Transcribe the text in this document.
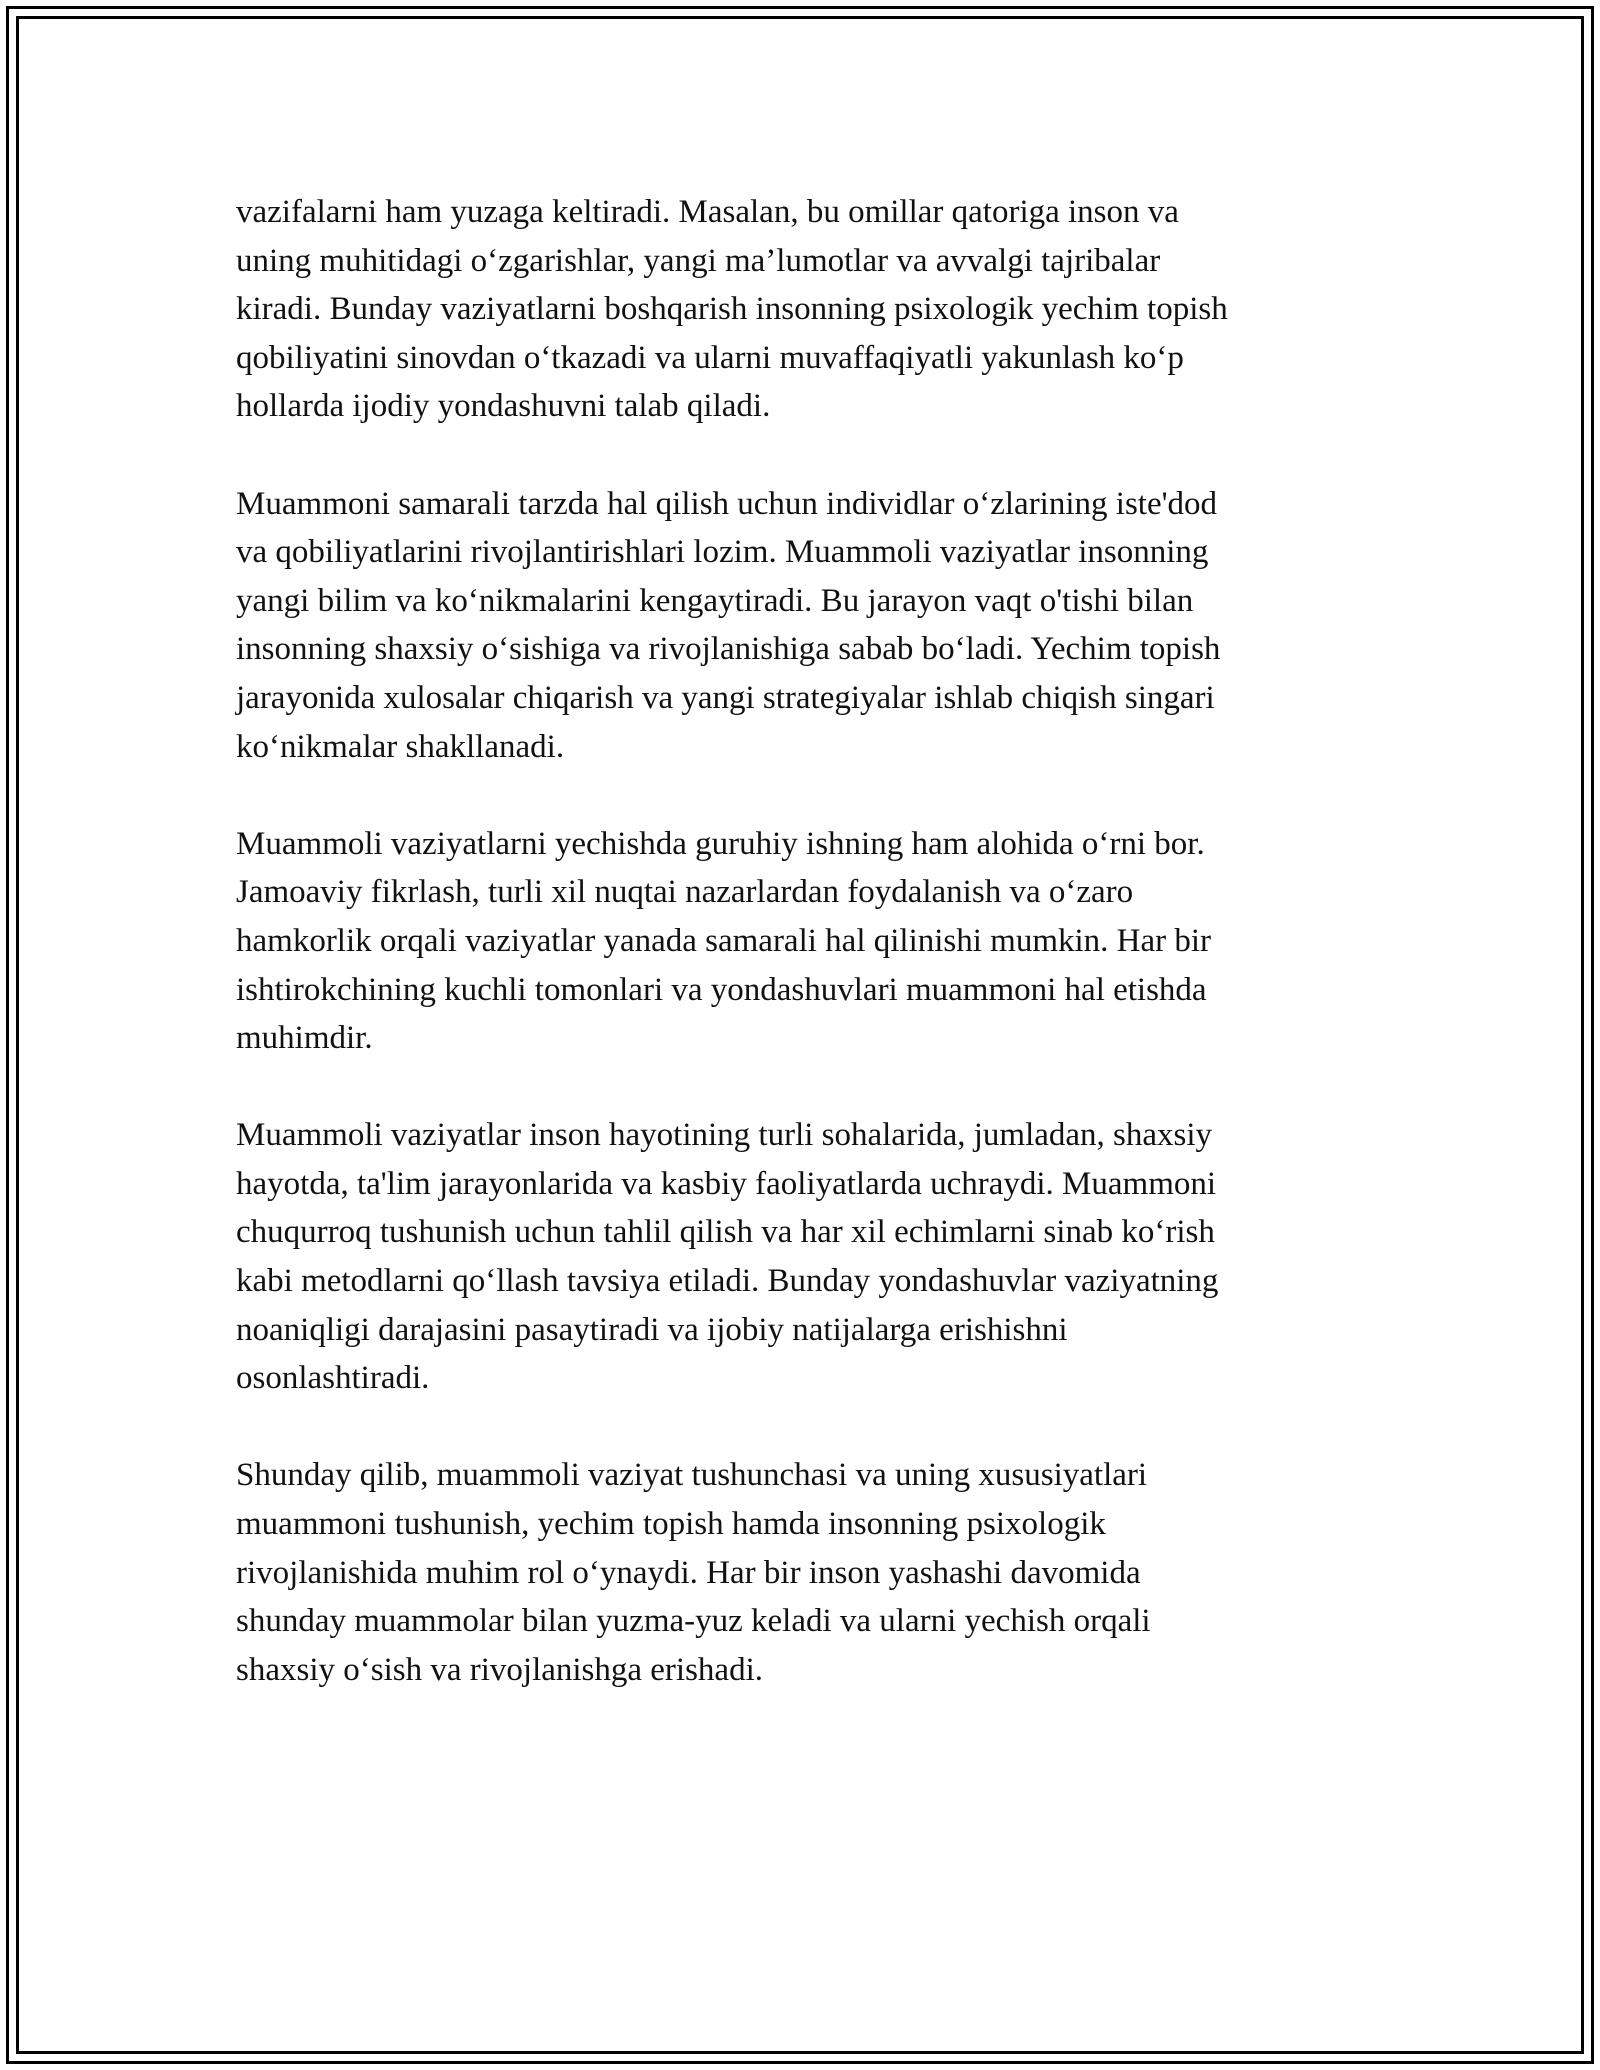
vazifalarni ham yuzaga keltiradi. Masalan, bu omillar qatoriga inson va
uning muhitidagi o‘zgarishlar, yangi ma’lumotlar va avvalgi tajribalar
kiradi. Bunday vaziyatlarni boshqarish insonning psixologik yechim topish
qobiliyatini sinovdan o‘tkazadi va ularni muvaffaqiyatli yakunlash ko‘p
hollarda ijodiy yondashuvni talab qiladi.

Muammoni samarali tarzda hal qilish uchun individlar o‘zlarining iste'dod
va qobiliyatlarini rivojlantirishlari lozim. Muammoli vaziyatlar insonning
yangi bilim va ko‘nikmalarini kengaytiradi. Bu jarayon vaqt o'tishi bilan
insonning shaxsiy o‘sishiga va rivojlanishiga sabab bo‘ladi. Yechim topish
jarayonida xulosalar chiqarish va yangi strategiyalar ishlab chiqish singari
ko‘nikmalar shakllanadi.

Muammoli vaziyatlarni yechishda guruhiy ishning ham alohida o‘rni bor.
Jamoaviy fikrlash, turli xil nuqtai nazarlardan foydalanish va o‘zaro
hamkorlik orqali vaziyatlar yanada samarali hal qilinishi mumkin. Har bir
ishtirokchining kuchli tomonlari va yondashuvlari muammoni hal etishda
muhimdir.

Muammoli vaziyatlar inson hayotining turli sohalarida, jumladan, shaxsiy
hayotda, ta'lim jarayonlarida va kasbiy faoliyatlarda uchraydi. Muammoni
chuqurroq tushunish uchun tahlil qilish va har xil echimlarni sinab ko‘rish
kabi metodlarni qo‘llash tavsiya etiladi. Bunday yondashuvlar vaziyatning
noaniqligi darajasini pasaytiradi va ijobiy natijalarga erishishni
osonlashtiradi.

Shunday qilib, muammoli vaziyat tushunchasi va uning xususiyatlari
muammoni tushunish, yechim topish hamda insonning psixologik
rivojlanishida muhim rol o‘ynaydi. Har bir inson yashashi davomida
shunday muammolar bilan yuzma-yuz keladi va ularni yechish orqali
shaxsiy o‘sish va rivojlanishga erishadi.
